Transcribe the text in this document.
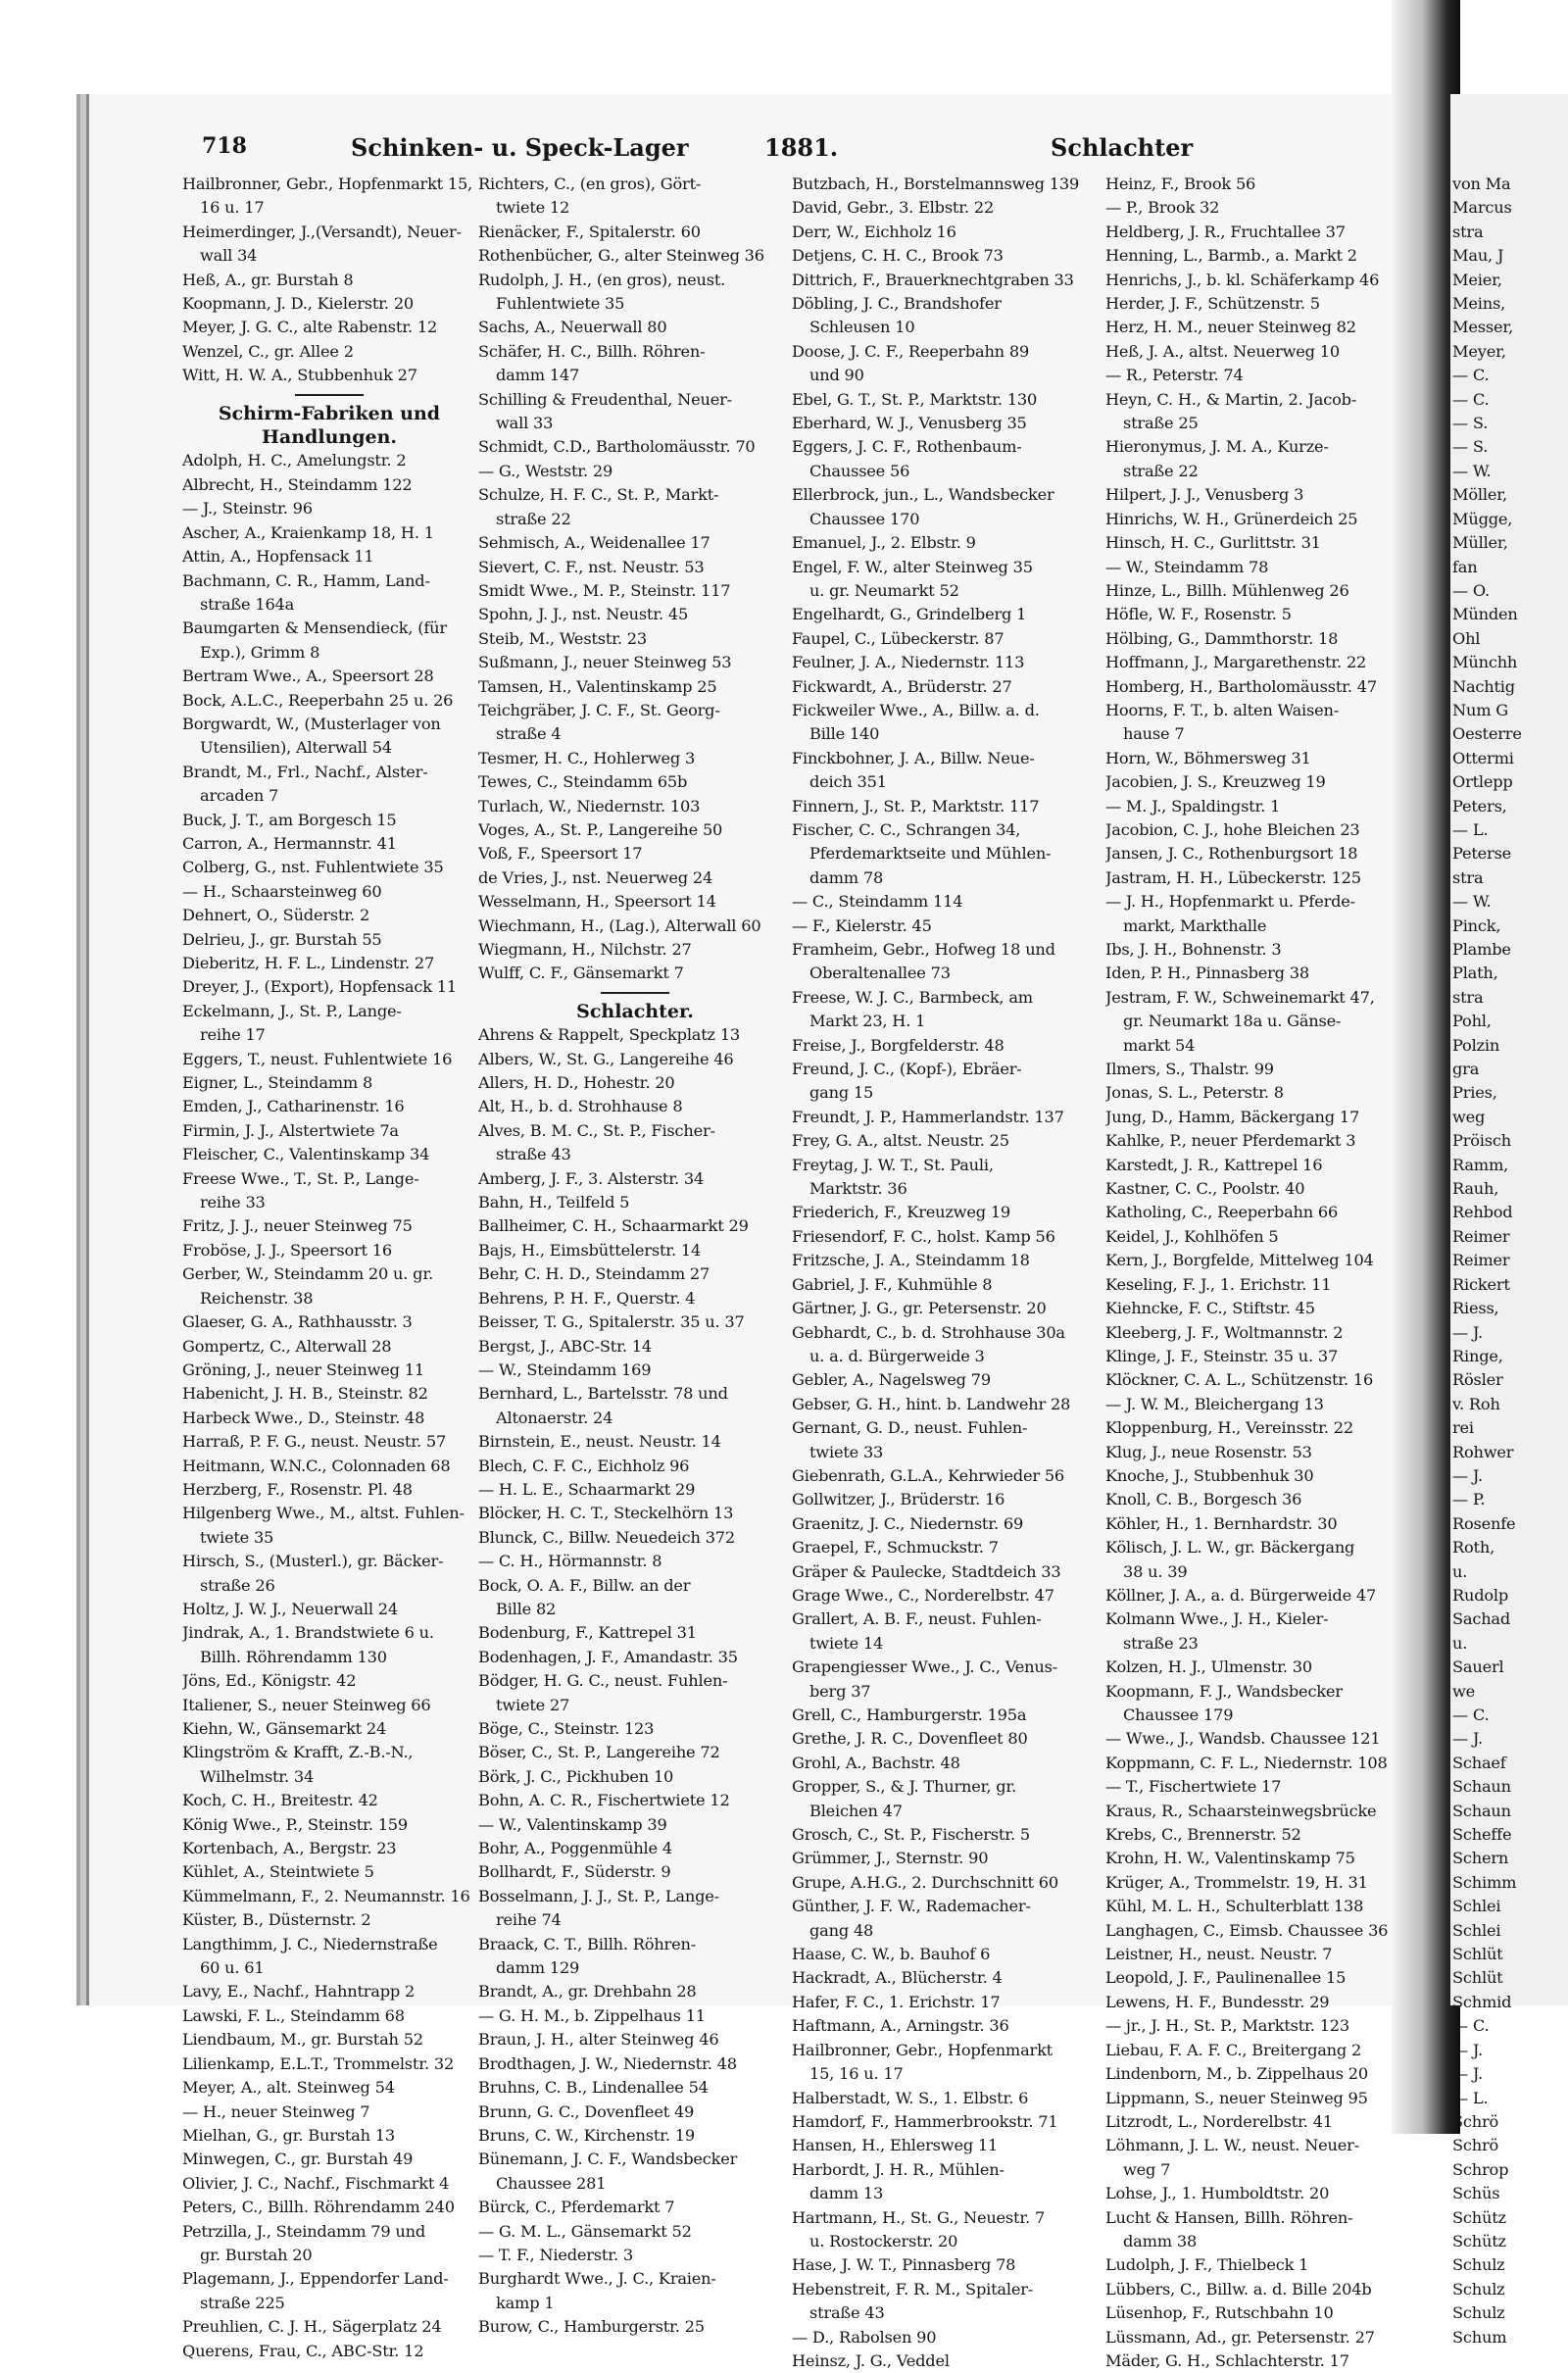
718	Schinken- u. Speck-Lager	1881.	Schlachter
Hailbronner, Gebr., Hopfenmarkt 15,
16 u. 17
Heimerdinger, J.,(Versandt), Neuer-
wall 34
Heß, A., gr. Burstah 8
Koopmann, J. D., Kielerstr. 20
Meyer, J. G. C., alte Rabenstr. 12
Wenzel, C., gr. Allee 2
Witt, H. W. A., Stubbenhuk 27
Schirm-Fabriken und Handlungen.
Adolph, H. C., Amelungstr. 2
Albrecht, H., Steindamm 122
— J., Steinstr. 96
Ascher, A., Kraienkamp 18, H. 1
Attin, A., Hopfensack 11
Bachmann, C. R., Hamm, Land-
straße 164a
Baumgarten & Mensendieck, (für
Exp.), Grimm 8
Bertram Wwe., A., Speersort 28
Bock, A.L.C., Reeperbahn 25 u. 26
Borgwardt, W., (Musterlager von
Utensilien), Alterwall 54
Brandt, M., Frl., Nachf., Alster-
arcaden 7
Buck, J. T., am Borgesch 15
Carron, A., Hermannstr. 41
Colberg, G., nst. Fuhlentwiete 35
— H., Schaarsteinweg 60
Dehnert, O., Süderstr. 2
Delrieu, J., gr. Burstah 55
Dieberitz, H. F. L., Lindenstr. 27
Dreyer, J., (Export), Hopfensack 11
Eckelmann, J., St. P., Lange-
reihe 17
Eggers, T., neust. Fuhlentwiete 16
Eigner, L., Steindamm 8
Emden, J., Catharinenstr. 16
Firmin, J. J., Alstertwiete 7a
Fleischer, C., Valentinskamp 34
Freese Wwe., T., St. P., Lange-
reihe 33
Fritz, J. J., neuer Steinweg 75
Froböse, J. J., Speersort 16
Gerber, W., Steindamm 20 u. gr.
Reichenstr. 38
Glaeser, G. A., Rathhausstr. 3
Gompertz, C., Alterwall 28
Gröning, J., neuer Steinweg 11
Habenicht, J. H. B., Steinstr. 82
Harbeck Wwe., D., Steinstr. 48
Harraß, P. F. G., neust. Neustr. 57
Heitmann, W.N.C., Colonnaden 68
Herzberg, F., Rosenstr. Pl. 48
Hilgenberg Wwe., M., altst. Fuhlen-
twiete 35
Hirsch, S., (Musterl.), gr. Bäcker-
straße 26
Holtz, J. W. J., Neuerwall 24
Jindrak, A., 1. Brandstwiete 6 u.
Billh. Röhrendamm 130
Jöns, Ed., Königstr. 42
Italiener, S., neuer Steinweg 66
Kiehn, W., Gänsemarkt 24
Klingström & Krafft, Z.-B.-N.,
Wilhelmstr. 34
Koch, C. H., Breitestr. 42
König Wwe., P., Steinstr. 159
Kortenbach, A., Bergstr. 23
Kühlet, A., Steintwiete 5
Kümmelmann, F., 2. Neumannstr. 16
Küster, B., Düsternstr. 2
Langthimm, J. C., Niedernstraße
60 u. 61
Lavy, E., Nachf., Hahntrapp 2
Lawski, F. L., Steindamm 68
Liendbaum, M., gr. Burstah 52
Lilienkamp, E.L.T., Trommelstr. 32
Meyer, A., alt. Steinweg 54
— H., neuer Steinweg 7
Mielhan, G., gr. Burstah 13
Minwegen, C., gr. Burstah 49
Olivier, J. C., Nachf., Fischmarkt 4
Peters, C., Billh. Röhrendamm 240
Petrzilla, J., Steindamm 79 und
gr. Burstah 20
Plagemann, J., Eppendorfer Land-
straße 225
Preuhlien, C. J. H., Sägerplatz 24
Querens, Frau, C., ABC-Str. 12
Richters, C., (en gros), Gört-
twiete 12
Rienäcker, F., Spitalerstr. 60
Rothenbücher, G., alter Steinweg 36
Rudolph, J. H., (en gros), neust.
Fuhlentwiete 35
Sachs, A., Neuerwall 80
Schäfer, H. C., Billh. Röhren-
damm 147
Schilling & Freudenthal, Neuer-
wall 33
Schmidt, C.D., Bartholomäusstr. 70
— G., Weststr. 29
Schulze, H. F. C., St. P., Markt-
straße 22
Sehmisch, A., Weidenallee 17
Sievert, C. F., nst. Neustr. 53
Smidt Wwe., M. P., Steinstr. 117
Spohn, J. J., nst. Neustr. 45
Steib, M., Weststr. 23
Sußmann, J., neuer Steinweg 53
Tamsen, H., Valentinskamp 25
Teichgräber, J. C. F., St. Georg-
straße 4
Tesmer, H. C., Hohlerweg 3
Tewes, C., Steindamm 65b
Turlach, W., Niedernstr. 103
Voges, A., St. P., Langereihe 50
Voß, F., Speersort 17
de Vries, J., nst. Neuerweg 24
Wesselmann, H., Speersort 14
Wiechmann, H., (Lag.), Alterwall 60
Wiegmann, H., Nilchstr. 27
Wulff, C. F., Gänsemarkt 7
Schlachter.
Ahrens & Rappelt, Speckplatz 13
Albers, W., St. G., Langereihe 46
Allers, H. D., Hohestr. 20
Alt, H., b. d. Strohhause 8
Alves, B. M. C., St. P., Fischer-
straße 43
Amberg, J. F., 3. Alsterstr. 34
Bahn, H., Teilfeld 5
Ballheimer, C. H., Schaarmarkt 29
Bajs, H., Eimsbüttelerstr. 14
Behr, C. H. D., Steindamm 27
Behrens, P. H. F., Querstr. 4
Beisser, T. G., Spitalerstr. 35 u. 37
Bergst, J., ABC-Str. 14
— W., Steindamm 169
Bernhard, L., Bartelsstr. 78 und
Altonaerstr. 24
Birnstein, E., neust. Neustr. 14
Blech, C. F. C., Eichholz 96
— H. L. E., Schaarmarkt 29
Blöcker, H. C. T., Steckelhörn 13
Blunck, C., Billw. Neuedeich 372
— C. H., Hörmannstr. 8
Bock, O. A. F., Billw. an der
Bille 82
Bodenburg, F., Kattrepel 31
Bodenhagen, J. F., Amandastr. 35
Bödger, H. G. C., neust. Fuhlen-
twiete 27
Böge, C., Steinstr. 123
Böser, C., St. P., Langereihe 72
Börk, J. C., Pickhuben 10
Bohn, A. C. R., Fischertwiete 12
— W., Valentinskamp 39
Bohr, A., Poggenmühle 4
Bollhardt, F., Süderstr. 9
Bosselmann, J. J., St. P., Lange-
reihe 74
Braack, C. T., Billh. Röhren-
damm 129
Brandt, A., gr. Drehbahn 28
— G. H. M., b. Zippelhaus 11
Braun, J. H., alter Steinweg 46
Brodthagen, J. W., Niedernstr. 48
Bruhns, C. B., Lindenallee 54
Brunn, G. C., Dovenfleet 49
Bruns, C. W., Kirchenstr. 19
Bünemann, J. C. F., Wandsbecker
Chaussee 281
Bürck, C., Pferdemarkt 7
— G. M. L., Gänsemarkt 52
— T. F., Niederstr. 3
Burghardt Wwe., J. C., Kraien-
kamp 1
Burow, C., Hamburgerstr. 25
Butzbach, H., Borstelmannsweg 139
David, Gebr., 3. Elbstr. 22
Derr, W., Eichholz 16
Detjens, C. H. C., Brook 73
Dittrich, F., Brauerknechtgraben 33
Döbling, J. C., Brandshofer
Schleusen 10
Doose, J. C. F., Reeperbahn 89
und 90
Ebel, G. T., St. P., Marktstr. 130
Eberhard, W. J., Venusberg 35
Eggers, J. C. F., Rothenbaum-
Chaussee 56
Ellerbrock, jun., L., Wandsbecker
Chaussee 170
Emanuel, J., 2. Elbstr. 9
Engel, F. W., alter Steinweg 35
u. gr. Neumarkt 52
Engelhardt, G., Grindelberg 1
Faupel, C., Lübeckerstr. 87
Feulner, J. A., Niedernstr. 113
Fickwardt, A., Brüderstr. 27
Fickweiler Wwe., A., Billw. a. d.
Bille 140
Finckbohner, J. A., Billw. Neue-
deich 351
Finnern, J., St. P., Marktstr. 117
Fischer, C. C., Schrangen 34,
Pferdemarktseite und Mühlen-
damm 78
— C., Steindamm 114
— F., Kielerstr. 45
Framheim, Gebr., Hofweg 18 und
Oberaltenallee 73
Freese, W. J. C., Barmbeck, am
Markt 23, H. 1
Freise, J., Borgfelderstr. 48
Freund, J. C., (Kopf-), Ebräer-
gang 15
Freundt, J. P., Hammerlandstr. 137
Frey, G. A., altst. Neustr. 25
Freytag, J. W. T., St. Pauli,
Marktstr. 36
Friederich, F., Kreuzweg 19
Friesendorf, F. C., holst. Kamp 56
Fritzsche, J. A., Steindamm 18
Gabriel, J. F., Kuhmühle 8
Gärtner, J. G., gr. Petersenstr. 20
Gebhardt, C., b. d. Strohhause 30a
u. a. d. Bürgerweide 3
Gebler, A., Nagelsweg 79
Gebser, G. H., hint. b. Landwehr 28
Gernant, G. D., neust. Fuhlen-
twiete 33
Giebenrath, G.L.A., Kehrwieder 56
Gollwitzer, J., Brüderstr. 16
Graenitz, J. C., Niedernstr. 69
Graepel, F., Schmuckstr. 7
Gräper & Paulecke, Stadtdeich 33
Grage Wwe., C., Norderelbstr. 47
Grallert, A. B. F., neust. Fuhlen-
twiete 14
Grapengiesser Wwe., J. C., Venus-
berg 37
Grell, C., Hamburgerstr. 195a
Grethe, J. R. C., Dovenfleet 80
Grohl, A., Bachstr. 48
Gropper, S., & J. Thurner, gr.
Bleichen 47
Grosch, C., St. P., Fischerstr. 5
Grümmer, J., Sternstr. 90
Grupe, A.H.G., 2. Durchschnitt 60
Günther, J. F. W., Rademacher-
gang 48
Haase, C. W., b. Bauhof 6
Hackradt, A., Blücherstr. 4
Hafer, F. C., 1. Erichstr. 17
Haftmann, A., Arningstr. 36
Hailbronner, Gebr., Hopfenmarkt
15, 16 u. 17
Halberstadt, W. S., 1. Elbstr. 6
Hamdorf, F., Hammerbrookstr. 71
Hansen, H., Ehlersweg 11
Harbordt, J. H. R., Mühlen-
damm 13
Hartmann, H., St. G., Neuestr. 7
u. Rostockerstr. 20
Hase, J. W. T., Pinnasberg 78
Hebenstreit, F. R. M., Spitaler-
straße 43
— D., Rabolsen 90
Heinsz, J. G., Veddel
Heinz, F., Brook 56
— P., Brook 32
Heldberg, J. R., Fruchtallee 37
Henning, L., Barmb., a. Markt 2
Henrichs, J., b. kl. Schäferkamp 46
Herder, J. F., Schützenstr. 5
Herz, H. M., neuer Steinweg 82
Heß, J. A., altst. Neuerweg 10
— R., Peterstr. 74
Heyn, C. H., & Martin, 2. Jacob-
straße 25
Hieronymus, J. M. A., Kurze-
straße 22
Hilpert, J. J., Venusberg 3
Hinrichs, W. H., Grünerdeich 25
Hinsch, H. C., Gurlittstr. 31
— W., Steindamm 78
Hinze, L., Billh. Mühlenweg 26
Höfle, W. F., Rosenstr. 5
Hölbing, G., Dammthorstr. 18
Hoffmann, J., Margarethenstr. 22
Homberg, H., Bartholomäusstr. 47
Hoorns, F. T., b. alten Waisen-
hause 7
Horn, W., Böhmersweg 31
Jacobien, J. S., Kreuzweg 19
— M. J., Spaldingstr. 1
Jacobion, C. J., hohe Bleichen 23
Jansen, J. C., Rothenburgsort 18
Jastram, H. H., Lübeckerstr. 125
— J. H., Hopfenmarkt u. Pferde-
markt, Markthalle
Ibs, J. H., Bohnenstr. 3
Iden, P. H., Pinnasberg 38
Jestram, F. W., Schweinemarkt 47,
gr. Neumarkt 18a u. Gänse-
markt 54
Ilmers, S., Thalstr. 99
Jonas, S. L., Peterstr. 8
Jung, D., Hamm, Bäckergang 17
Kahlke, P., neuer Pferdemarkt 3
Karstedt, J. R., Kattrepel 16
Kastner, C. C., Poolstr. 40
Katholing, C., Reeperbahn 66
Keidel, J., Kohlhöfen 5
Kern, J., Borgfelde, Mittelweg 104
Keseling, F. J., 1. Erichstr. 11
Kiehncke, F. C., Stiftstr. 45
Kleeberg, J. F., Woltmannstr. 2
Klinge, J. F., Steinstr. 35 u. 37
Klöckner, C. A. L., Schützenstr. 16
— J. W. M., Bleichergang 13
Kloppenburg, H., Vereinsstr. 22
Klug, J., neue Rosenstr. 53
Knoche, J., Stubbenhuk 30
Knoll, C. B., Borgesch 36
Köhler, H., 1. Bernhardstr. 30
Kölisch, J. L. W., gr. Bäckergang
38 u. 39
Köllner, J. A., a. d. Bürgerweide 47
Kolmann Wwe., J. H., Kieler-
straße 23
Kolzen, H. J., Ulmenstr. 30
Koopmann, F. J., Wandsbecker
Chaussee 179
— Wwe., J., Wandsb. Chaussee 121
Koppmann, C. F. L., Niedernstr. 108
— T., Fischertwiete 17
Kraus, R., Schaarsteinwegsbrücke
Krebs, C., Brennerstr. 52
Krohn, H. W., Valentinskamp 75
Krüger, A., Trommelstr. 19, H. 31
Kühl, M. L. H., Schulterblatt 138
Langhagen, C., Eimsb. Chaussee 36
Leistner, H., neust. Neustr. 7
Leopold, J. F., Paulinenallee 15
Lewens, H. F., Bundesstr. 29
— jr., J. H., St. P., Marktstr. 123
Liebau, F. A. F. C., Breitergang 2
Lindenborn, M., b. Zippelhaus 20
Lippmann, S., neuer Steinweg 95
Litzrodt, L., Norderelbstr. 41
Löhmann, J. L. W., neust. Neuer-
weg 7
Lohse, J., 1. Humboldtstr. 20
Lucht & Hansen, Billh. Röhren-
damm 38
Ludolph, J. F., Thielbeck 1
Lübbers, C., Billw. a. d. Bille 204b
Lüsenhop, F., Rutschbahn 10
Lüssmann, Ad., gr. Petersenstr. 27
Mäder, G. H., Schlachterstr. 17
von Ma
Marcus
stra
Mau, J
Meier,
Meins,
Messer,
Meyer,
— C.
— C.
— S.
— S.
— W.
Möller,
Mügge,
Müller,
fan
— O.
Münden
Ohl
Münchh
Nachtig
Num G
Oesterre
Ottermi
Ortlepp
Peters,
— L.
Peterse
stra
— W.
Pinck,
Plambe
Plath,
stra
Pohl,
Polzin
gra
Pries,
weg
Pröisch
Ramm,
Rauh,
Rehbod
Reimer
Reimer
Rickert
Riess,
— J.
Ringe,
Rösler
v. Roh
rei
Rohwer
— J.
— P.
Rosenfe
Roth,
u.
Rudolp
Sachad
u.
Sauerl
we
— C.
— J.
Schaef
Schaun
Schaun
Scheffe
Schern
Schimm
Schlei
Schlei
Schlüt
Schlüt
Schmid
— C.
— J.
— J.
— L.
Schrö
Schrö
Schrop
Schüs
Schütz
Schütz
Schulz
Schulz
Schulz
Schum
